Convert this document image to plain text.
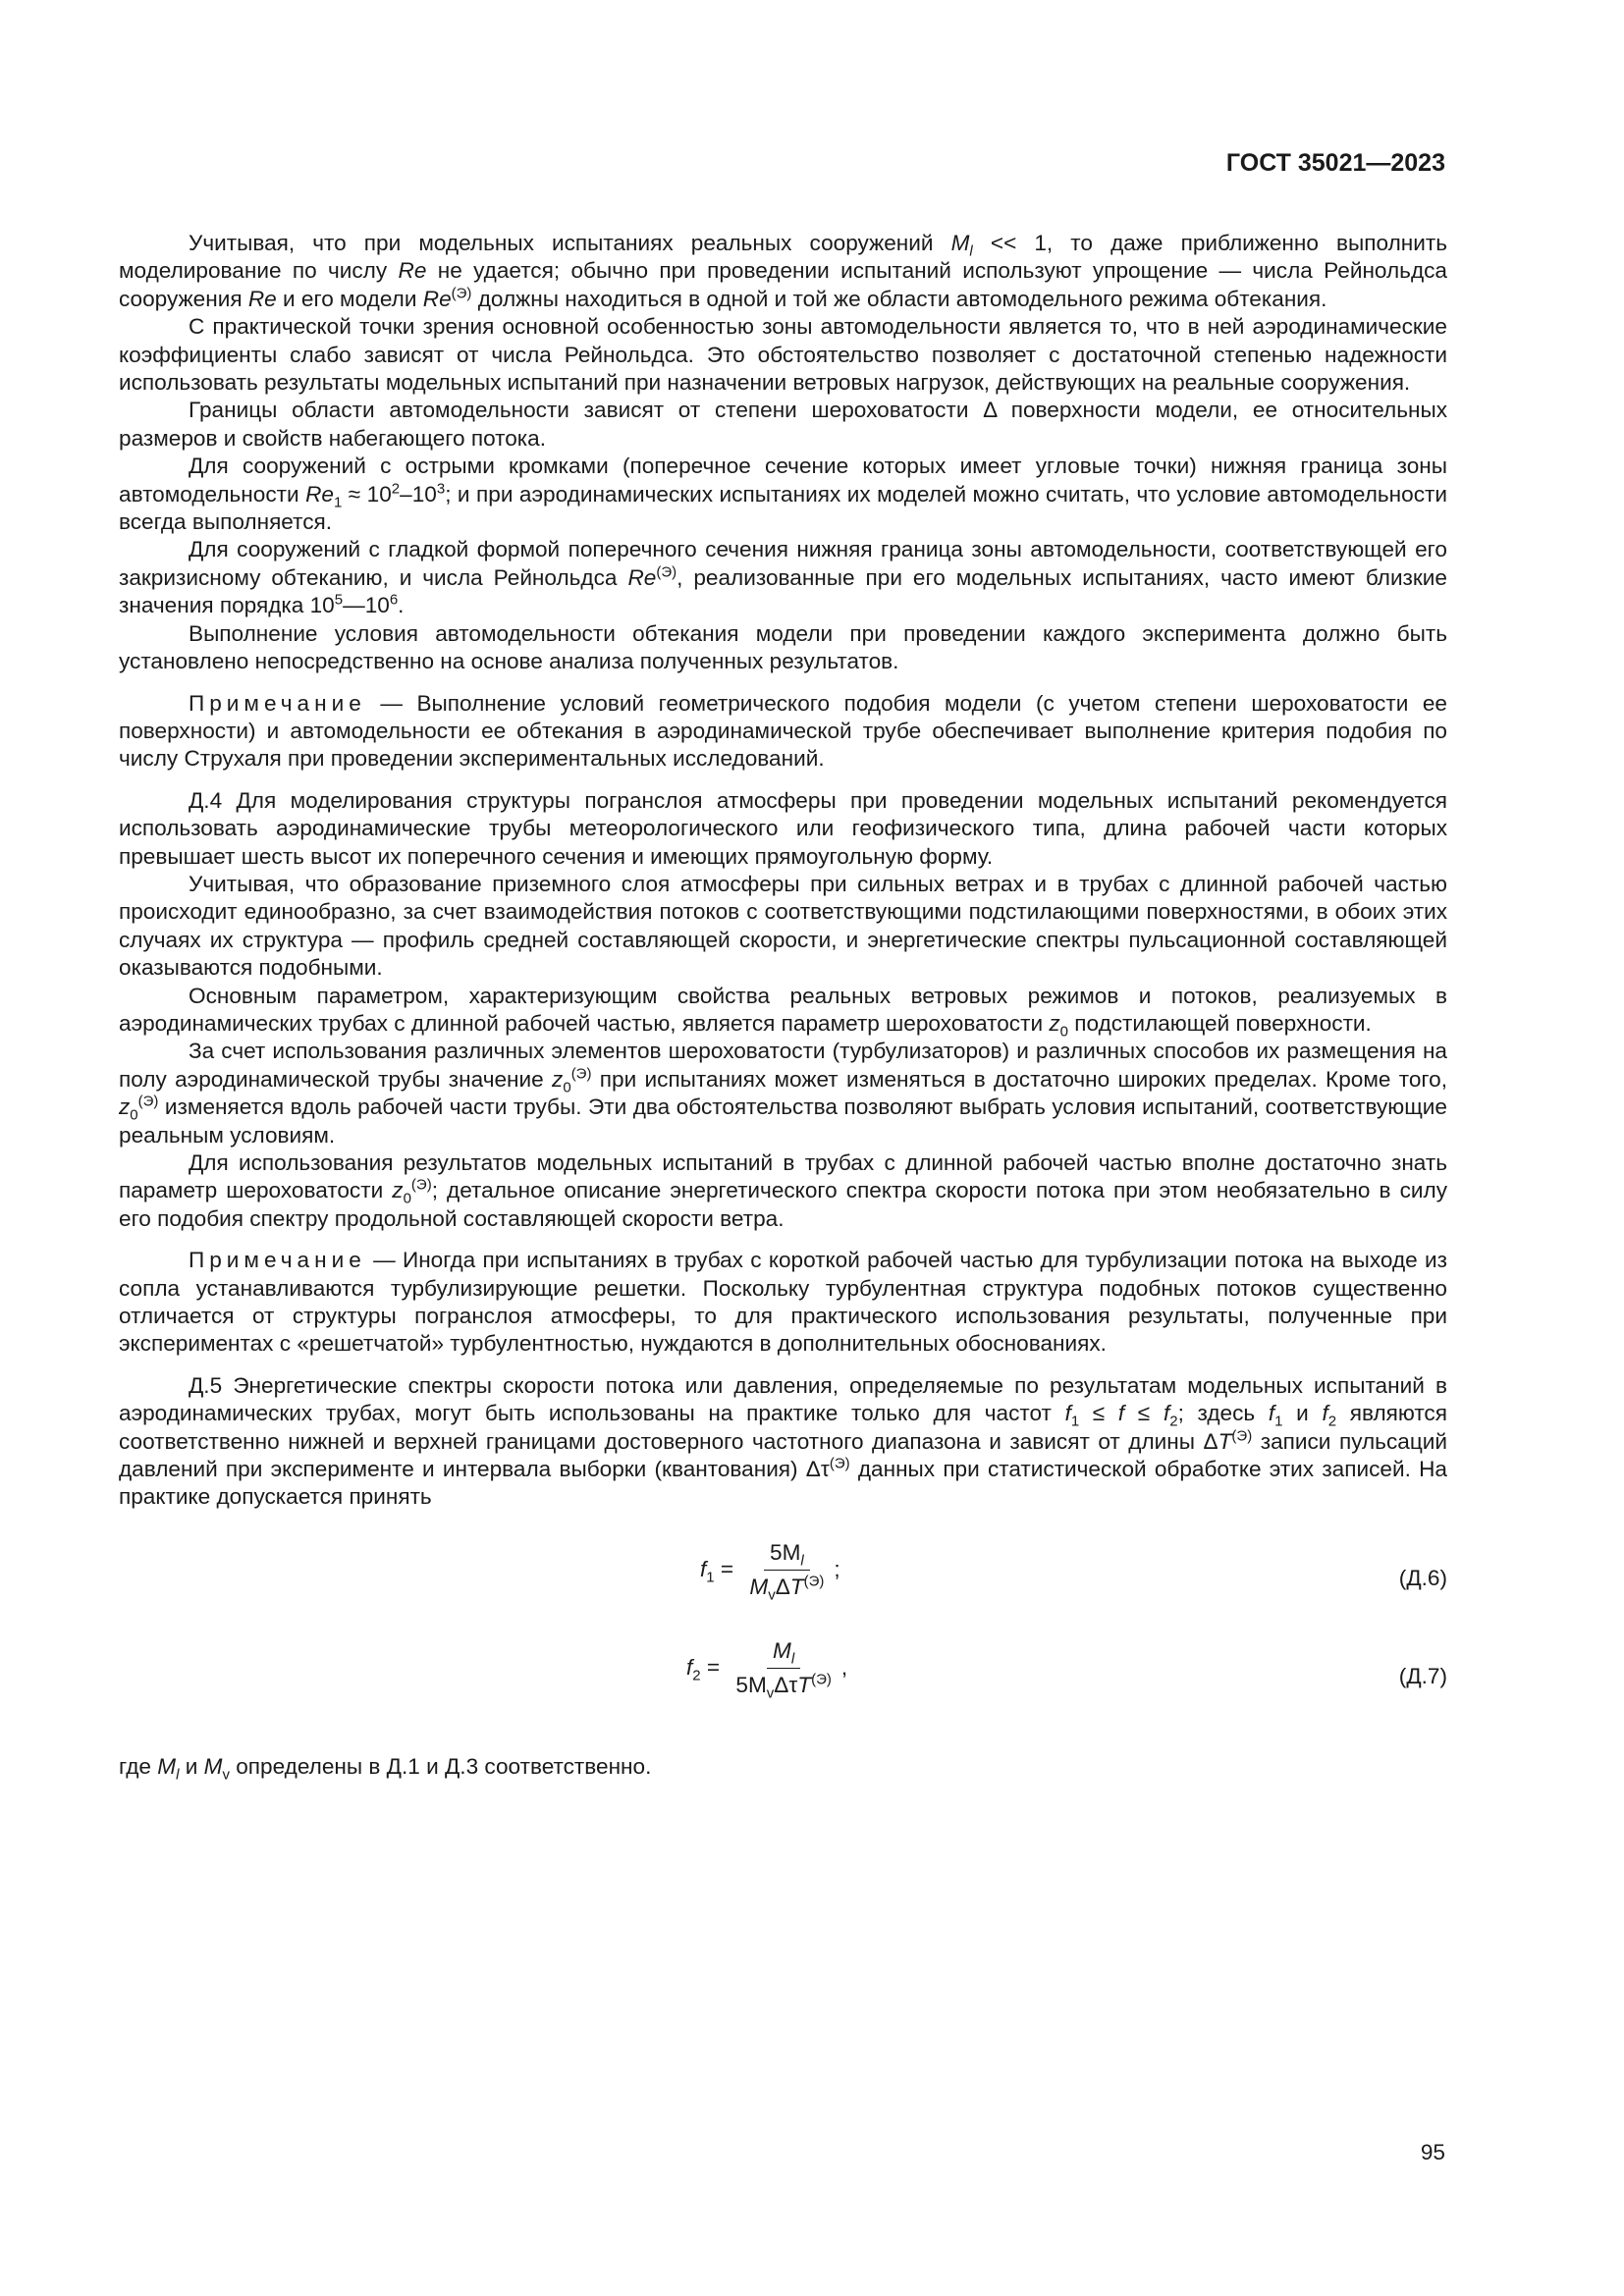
ГОСТ 35021—2023

Учитывая, что при модельных испытаниях реальных сооружений $M_l << 1$, то даже приближенно выполнить моделирование по числу Re не удается; обычно при проведении испытаний используют упрощение — числа Рейнольдса сооружения Re и его модели $Re^{(Э)}$ должны находиться в одной и той же области автомодельного режима обтекания.

С практической точки зрения основной особенностью зоны автомодельности является то, что в ней аэродинамические коэффициенты слабо зависят от числа Рейнольдса. Это обстоятельство позволяет с достаточной степенью надежности использовать результаты модельных испытаний при назначении ветровых нагрузок, действующих на реальные сооружения.

Границы области автомодельности зависят от степени шероховатости Δ поверхности модели, ее относительных размеров и свойств набегающего потока.

Для сооружений с острыми кромками (поперечное сечение которых имеет угловые точки) нижняя граница зоны автомодельности $Re_1 \approx 10^2-10^3$; и при аэродинамических испытаниях их моделей можно считать, что условие автомодельности всегда выполняется.

Для сооружений с гладкой формой поперечного сечения нижняя граница зоны автомодельности, соответствующей его закризисному обтеканию, и числа Рейнольдса $Re^{(Э)}$, реализованные при его модельных испытаниях, часто имеют близкие значения порядка $10^5—10^6$.

Выполнение условия автомодельности обтекания модели при проведении каждого эксперимента должно быть установлено непосредственно на основе анализа полученных результатов.

Примечание — Выполнение условий геометрического подобия модели (с учетом степени шероховатости ее поверхности) и автомодельности ее обтекания в аэродинамической трубе обеспечивает выполнение критерия подобия по числу Струхаля при проведении экспериментальных исследований.

Д.4 Для моделирования структуры погранслоя атмосферы при проведении модельных испытаний рекомендуется использовать аэродинамические трубы метеорологического или геофизического типа, длина рабочей части которых превышает шесть высот их поперечного сечения и имеющих прямоугольную форму.

Учитывая, что образование приземного слоя атмосферы при сильных ветрах и в трубах с длинной рабочей частью происходит единообразно, за счет взаимодействия потоков с соответствующими подстилающими поверхностями, в обоих этих случаях их структура — профиль средней составляющей скорости, и энергетические спектры пульсационной составляющей оказываются подобными.

Основным параметром, характеризующим свойства реальных ветровых режимов и потоков, реализуемых в аэродинамических трубах с длинной рабочей частью, является параметр шероховатости $z_0$ подстилающей поверхности.

За счет использования различных элементов шероховатости (турбулизаторов) и различных способов их размещения на полу аэродинамической трубы значение $z_0^{(Э)}$ при испытаниях может изменяться в достаточно широких пределах. Кроме того, $z_0^{(Э)}$ изменяется вдоль рабочей части трубы. Эти два обстоятельства позволяют выбрать условия испытаний, соответствующие реальным условиям.

Для использования результатов модельных испытаний в трубах с длинной рабочей частью вполне достаточно знать параметр шероховатости $z_0^{(Э)}$; детальное описание энергетического спектра скорости потока при этом необязательно в силу его подобия спектру продольной составляющей скорости ветра.

Примечание — Иногда при испытаниях в трубах с короткой рабочей частью для турбулизации потока на выходе из сопла устанавливаются турбулизирующие решетки. Поскольку турбулентная структура подобных потоков существенно отличается от структуры погранслоя атмосферы, то для практического использования результаты, полученные при экспериментах с «решетчатой» турбулентностью, нуждаются в дополнительных обоснованиях.

Д.5 Энергетические спектры скорости потока или давления, определяемые по результатам модельных испытаний в аэродинамических трубах, могут быть использованы на практике только для частот $f_1 \le f \le f_2$; здесь $f_1$ и $f_2$ являются соответственно нижней и верхней границами достоверного частотного диапазона и зависят от длины $\Delta T^{(Э)}$ записи пульсаций давлений при эксперименте и интервала выборки (квантования) $\Delta\tau^{(Э)}$ данных при статистической обработке этих записей. На практике допускается принять

$f_1 = \frac{5M_l}{M_v\Delta T^{(Э)}}$ ;	(Д.6)
$f_2 = \frac{M_l}{5M_v\Delta\tau T^{(Э)}}$ ,	(Д.7)

где $M_l$ и $M_v$ определены в Д.1 и Д.3 соответственно.

95
